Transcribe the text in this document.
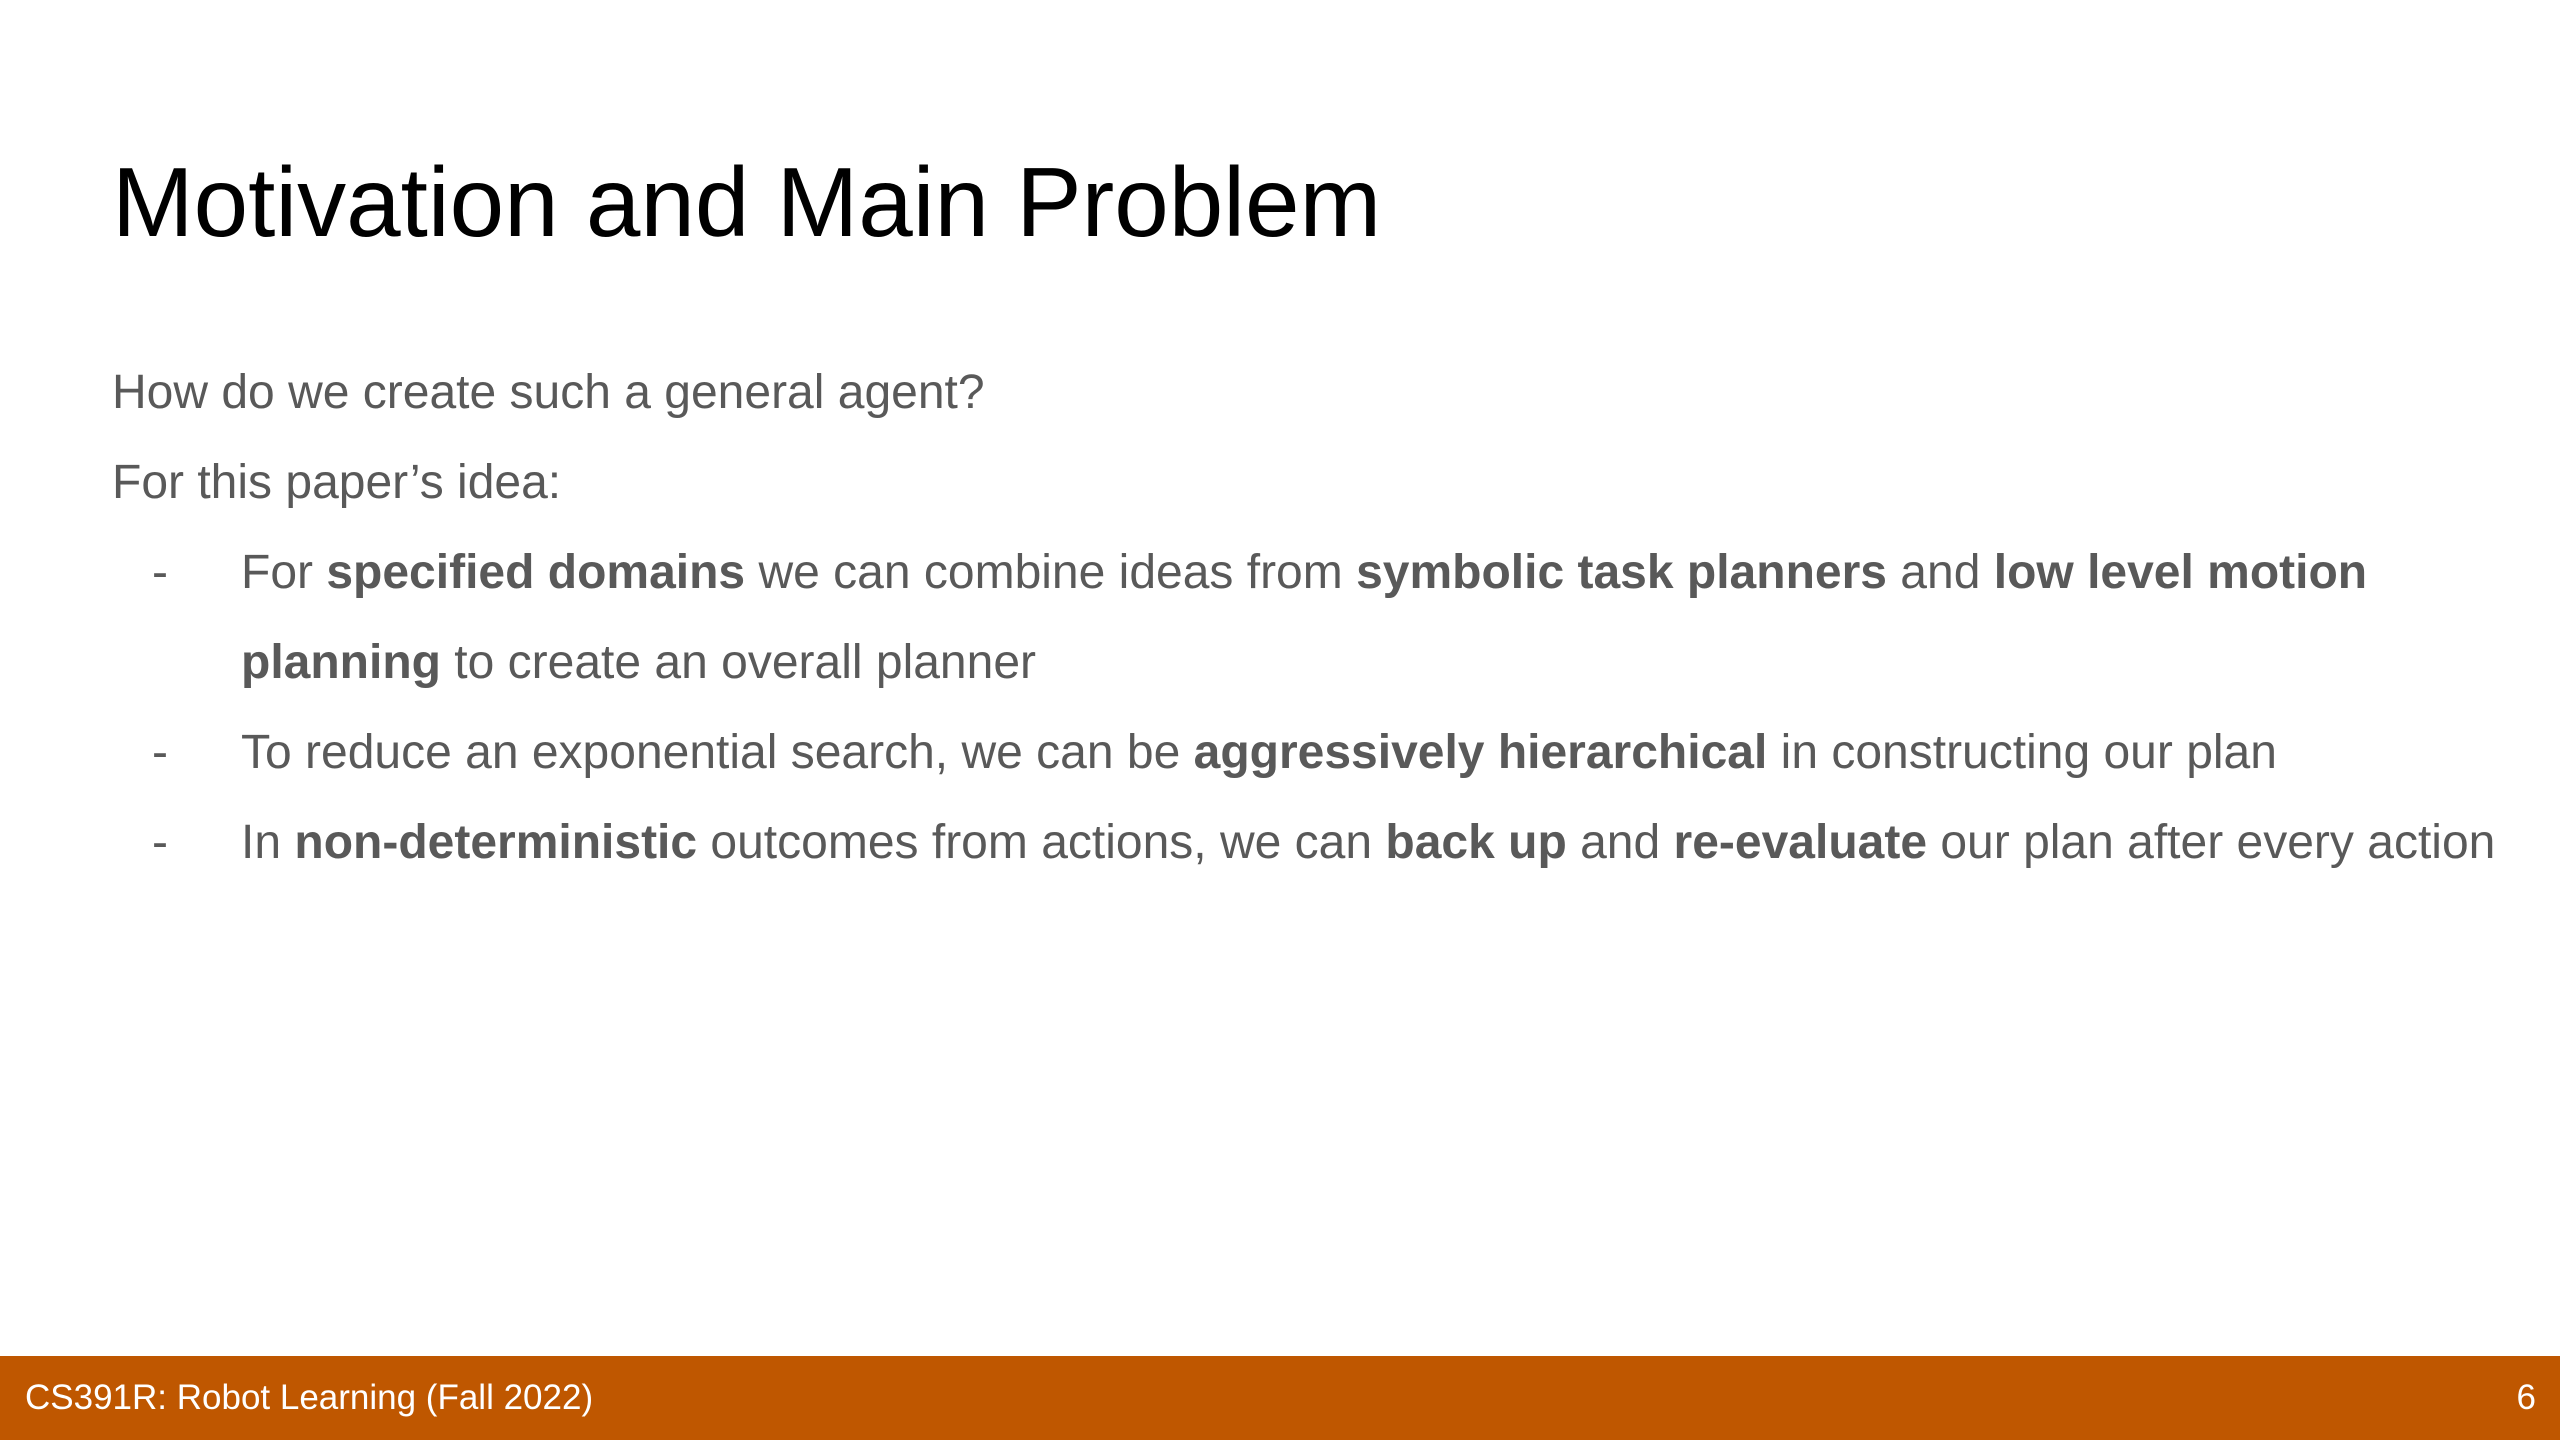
Motivation and Main Problem

How do we create such a general agent?

For this paper’s idea:

- For specified domains we can combine ideas from symbolic task planners and low level motion planning to create an overall planner
- To reduce an exponential search, we can be aggressively hierarchical in constructing our plan
- In non-deterministic outcomes from actions, we can back up and re-evaluate our plan after every action
CS391R: Robot Learning (Fall 2022)	6
